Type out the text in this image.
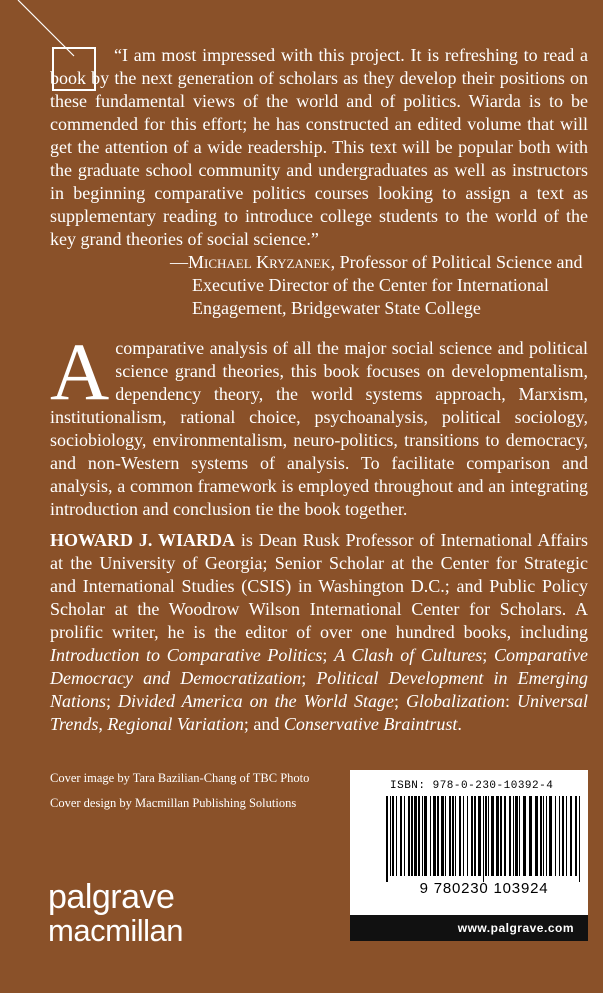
“I am most impressed with this project. It is refreshing to read a book by the next generation of scholars as they develop their positions on these fundamental views of the world and of politics. Wiarda is to be commended for this effort; he has constructed an edited volume that will get the attention of a wide readership. This text will be popular both with the graduate school community and undergraduates as well as instructors in beginning comparative politics courses looking to assign a text as supplementary reading to introduce college students to the world of the key grand theories of social science.”

—Michael Kryzanek, Professor of Political Science and Executive Director of the Center for International Engagement, Bridgewater State College
Acomparative analysis of all the major social science and political science grand theories, this book focuses on developmentalism, dependency theory, the world systems approach, Marxism, institutionalism, rational choice, psychoanalysis, political sociology, sociobiology, environmentalism, neuro-politics, transitions to democracy, and non-Western systems of analysis. To facilitate comparison and analysis, a common framework is employed throughout and an integrating introduction and conclusion tie the book together.
HOWARD J. WIARDA is Dean Rusk Professor of International Affairs at the University of Georgia; Senior Scholar at the Center for Strategic and International Studies (CSIS) in Washington D.C.; and Public Policy Scholar at the Woodrow Wilson International Center for Scholars. A prolific writer, he is the editor of over one hundred books, including Introduction to Comparative Politics; A Clash of Cultures; Comparative Democracy and Democratization; Political Development in Emerging Nations; Divided America on the World Stage; Globalization: Universal Trends, Regional Variation; and Conservative Braintrust.
Cover image by Tara Bazilian-Chang of TBC Photo
Cover design by Macmillan Publishing Solutions
palgrave
macmillan
ISBN: 978-0-230-10392-4
9 780230 103924
www.palgrave.com
